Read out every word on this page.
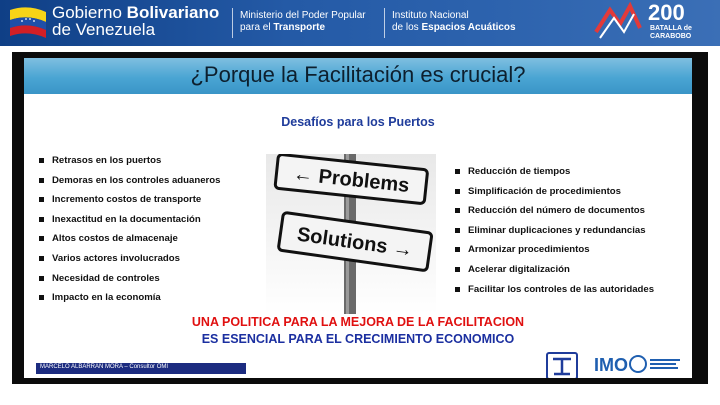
Gobierno Bolivariano
de Venezuela
Ministerio del Poder Popular
para el Transporte
Instituto Nacional
de los Espacios Acuáticos
200
BATALLA de
CARABOBO
¿Porque la Facilitación es crucial?
Desafíos para los Puertos
Retrasos en los puertos
Demoras en los controles aduaneros
Incremento costos de transporte
Inexactitud en la documentación
Altos costos de almacenaje
Varios actores involucrados
Necesidad de controles
Impacto en la economía
← Problems
Solutions →
Reducción de tiempos
Simplificación de procedimientos
Reducción del número de documentos
Eliminar duplicaciones y redundancias
Armonizar procedimientos
Acelerar digitalización
Facilitar los controles de las autoridades
UNA POLITICA PARA LA MEJORA DE LA FACILITACION
ES ESENCIAL PARA EL CRECIMIENTO ECONOMICO
MARCELO ALBARRAN MORA – Consultor OMI	IMO
